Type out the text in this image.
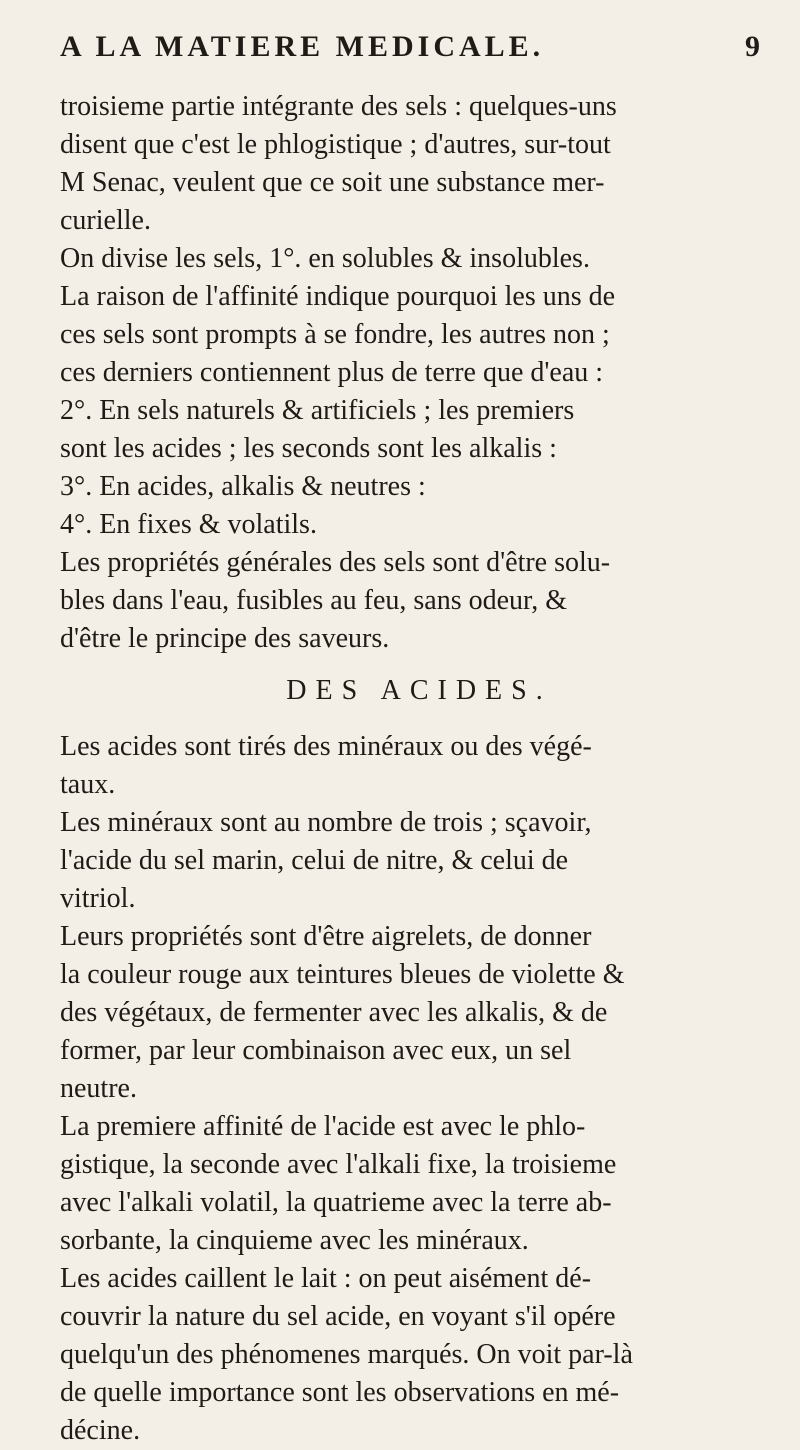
A LA MATIERE MEDICALE.	9
troisieme partie intégrante des sels : quelques-uns
disent que c'est le phlogistique ; d'autres, sur-tout
M Senac, veulent que ce soit une substance mer-
curielle.
On divise les sels, 1°. en solubles & insolubles.
La raison de l'affinité indique pourquoi les uns de
ces sels sont prompts à se fondre, les autres non ;
ces derniers contiennent plus de terre que d'eau :
2°. En sels naturels & artificiels ; les premiers
sont les acides ; les seconds sont les alkalis :
3°. En acides, alkalis & neutres :
4°. En fixes & volatils.
Les propriétés générales des sels sont d'être solu-
bles dans l'eau, fusibles au feu, sans odeur, &
d'être le principe des saveurs.
DES ACIDES.
Les acides sont tirés des minéraux ou des végé-
taux.
Les minéraux sont au nombre de trois ; sçavoir,
l'acide du sel marin, celui de nitre, & celui de
vitriol.
Leurs propriétés sont d'être aigrelets, de donner
la couleur rouge aux teintures bleues de violette &
des végétaux, de fermenter avec les alkalis, & de
former, par leur combinaison avec eux, un sel
neutre.
La premiere affinité de l'acide est avec le phlo-
gistique, la seconde avec l'alkali fixe, la troisieme
avec l'alkali volatil, la quatrieme avec la terre ab-
sorbante, la cinquieme avec les minéraux.
Les acides caillent le lait : on peut aisément dé-
couvrir la nature du sel acide, en voyant s'il opére
quelqu'un des phénomenes marqués. On voit par-là
de quelle importance sont les observations en mé-
décine.
